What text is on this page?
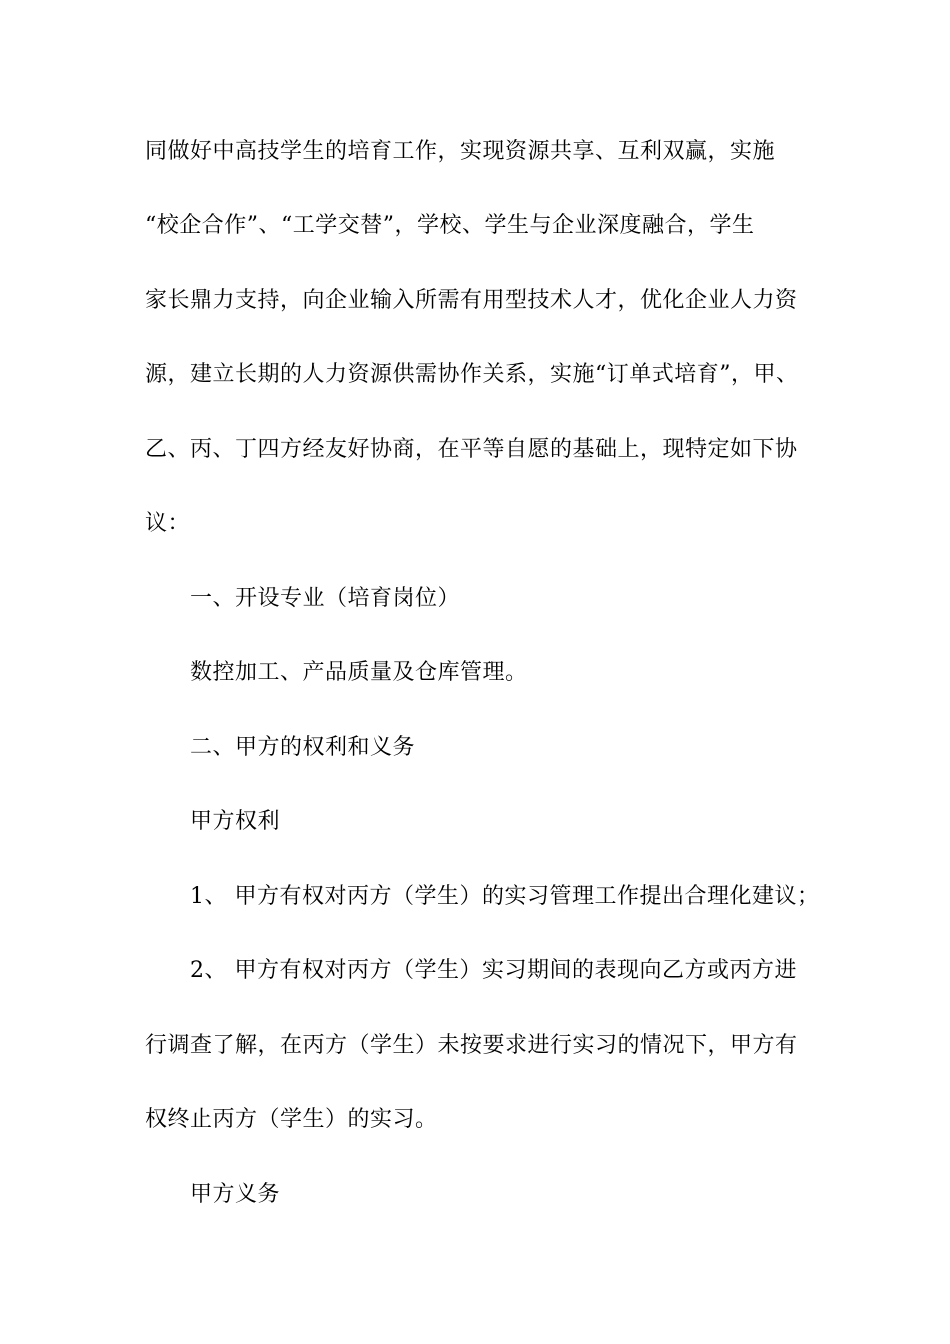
同做好中高技学生的培育工作，实现资源共享、互利双赢，实施
“校企合作”、“工学交替”，学校、学生与企业深度融合，学生
家长鼎力支持，向企业输入所需有用型技术人才，优化企业人力资
源，建立长期的人力资源供需协作关系，实施“订单式培育”，甲、
乙、丙、丁四方经友好协商，在平等自愿的基础上，现特定如下协
议：
一、开设专业（培育岗位）
数控加工、产品质量及仓库管理。
二、甲方的权利和义务
甲方权利
1、 甲方有权对丙方（学生）的实习管理工作提出合理化建议；
2、 甲方有权对丙方（学生）实习期间的表现向乙方或丙方进
行调查了解，在丙方（学生）未按要求进行实习的情况下，甲方有
权终止丙方（学生）的实习。
甲方义务
